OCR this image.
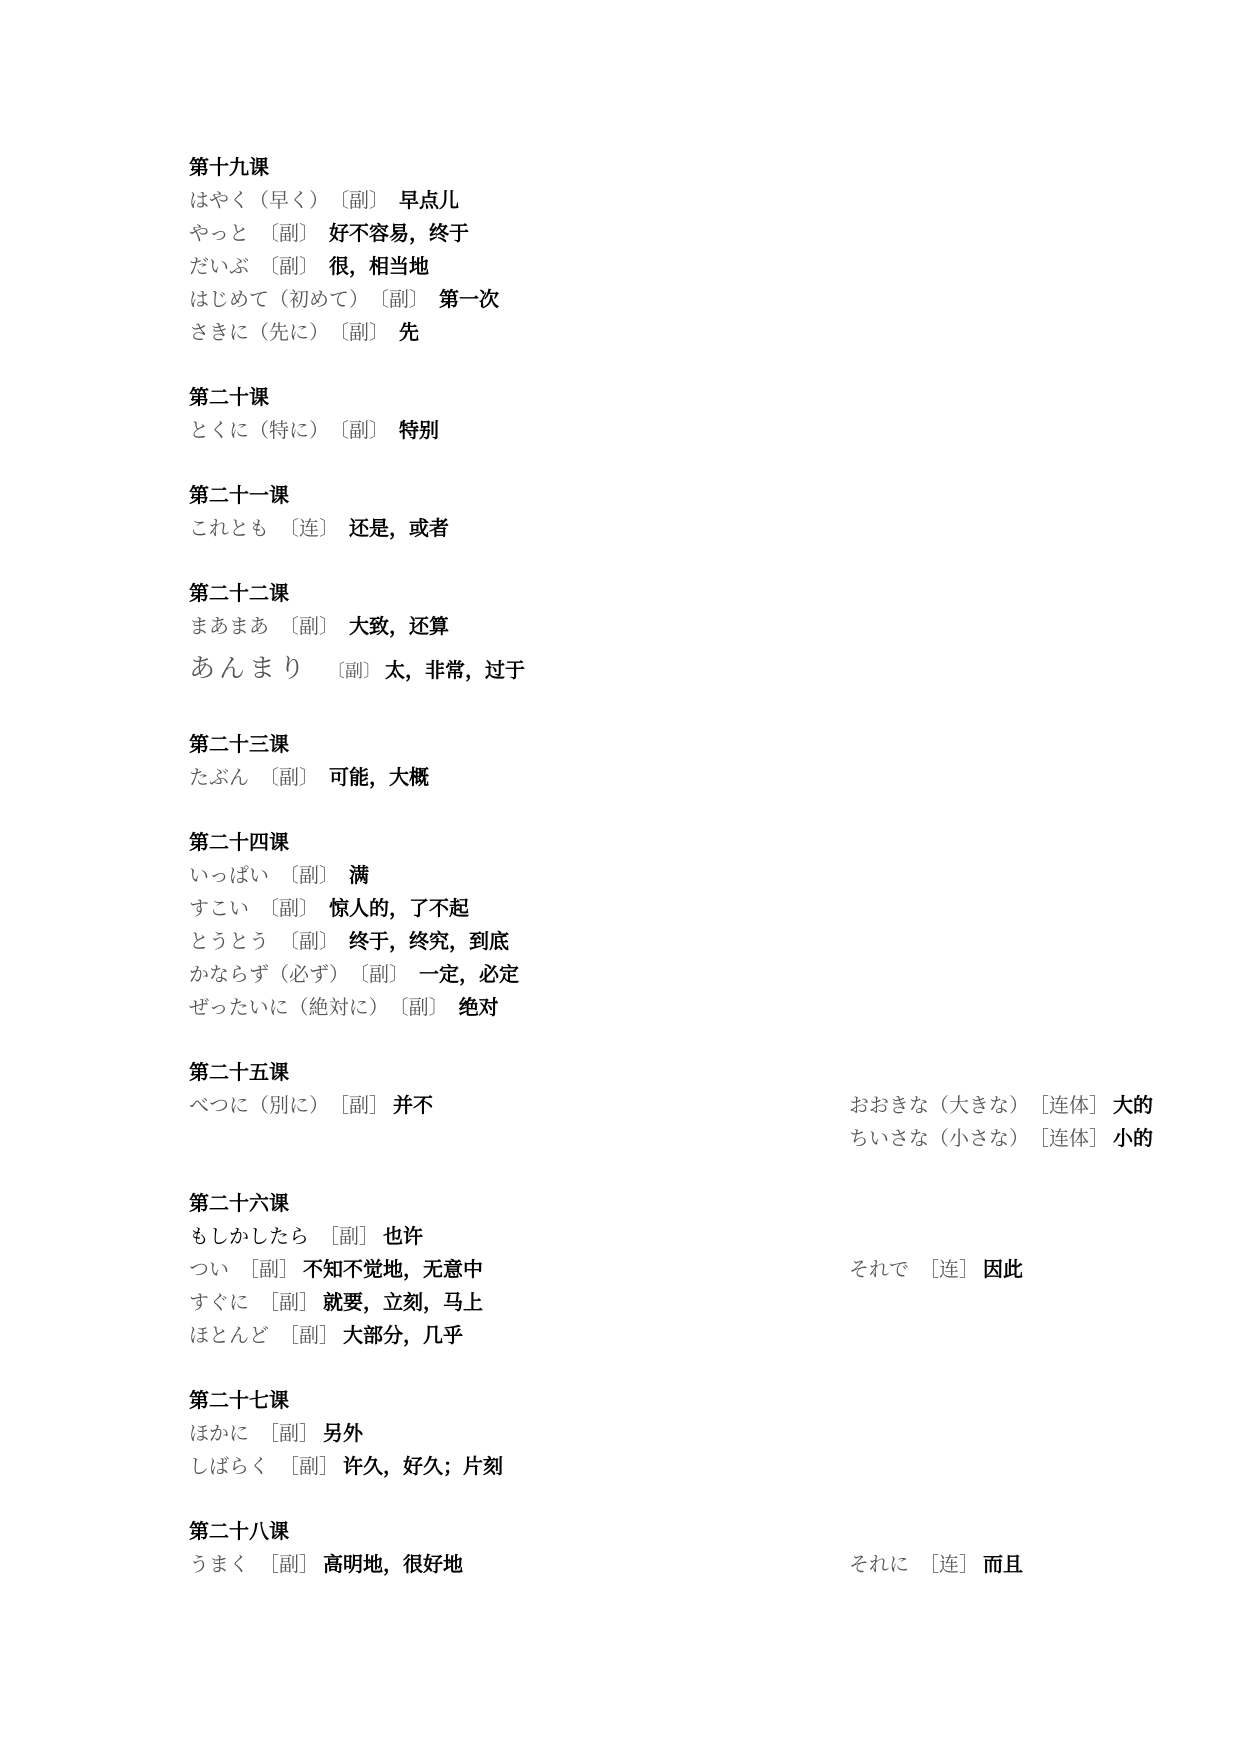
第十九课
はやく（早く） 〔副〕 早点儿
やっと 〔副〕 好不容易，终于
だいぶ 〔副〕 很，相当地
はじめて（初めて） 〔副〕 第一次
さきに（先に） 〔副〕 先
第二十课
とくに（特に） 〔副〕 特别
第二十一课
これとも 〔连〕 还是，或者
第二十二课
まあまあ 〔副〕 大致，还算
あんまり 〔副〕 太，非常，过于
第二十三课
たぶん 〔副〕 可能，大概
第二十四课
いっぱい 〔副〕 满
すこい 〔副〕 惊人的，了不起
とうとう 〔副〕 终于，终究，到底
かならず（必ず） 〔副〕 一定，必定
ぜったいに（絶対に） 〔副〕 绝对
第二十五课
べつに（別に） ［副］ 并不
	おおきな（大きな） ［连体］ 大的
ちいさな（小さな） ［连体］ 小的
第二十六课
もしかしたら ［副］ 也许
つい ［副］ 不知不觉地，无意中
すぐに ［副］ 就要，立刻，马上
ほとんど ［副］ 大部分，几乎
それで ［连］ 因此
第二十七课
ほかに ［副］ 另外
しばらく ［副］ 许久，好久；片刻
第二十八课
うまく ［副］ 高明地，很好地	それに ［连］ 而且
